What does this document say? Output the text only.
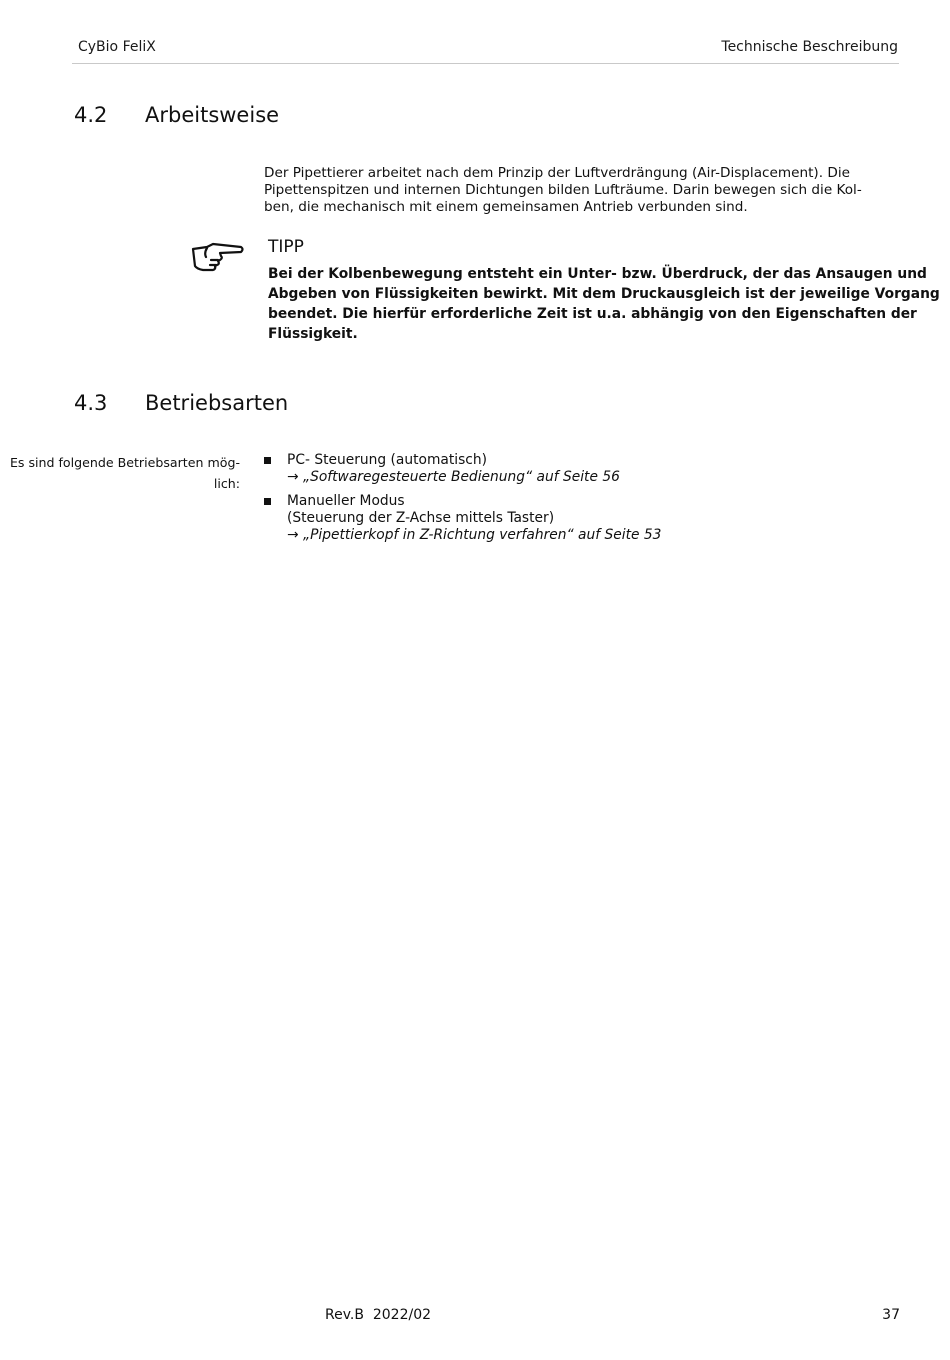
CyBio FeliX	Technische Beschreibung
4.2 Arbeitsweise
Der Pipettierer arbeitet nach dem Prinzip der Luftverdrängung (Air-Displacement). Die
Pipettenspitzen und internen Dichtungen bilden Lufträume. Darin bewegen sich die Kol-
ben, die mechanisch mit einem gemeinsamen Antrieb verbunden sind.
TIPP
Bei der Kolbenbewegung entsteht ein Unter- bzw. Überdruck, der das Ansaugen und
Abgeben von Flüssigkeiten bewirkt. Mit dem Druckausgleich ist der jeweilige Vorgang
beendet. Die hierfür erforderliche Zeit ist u.a. abhängig von den Eigenschaften der
Flüssigkeit.
4.3 Betriebsarten
Es sind folgende Betriebsarten mög-
lich:
PC- Steuerung (automatisch)
→ „Softwaregesteuerte Bedienung“ auf Seite 56
Manueller Modus
(Steuerung der Z-Achse mittels Taster)
→ „Pipettierkopf in Z-Richtung verfahren“ auf Seite 53
Rev.B  2022/02	37
